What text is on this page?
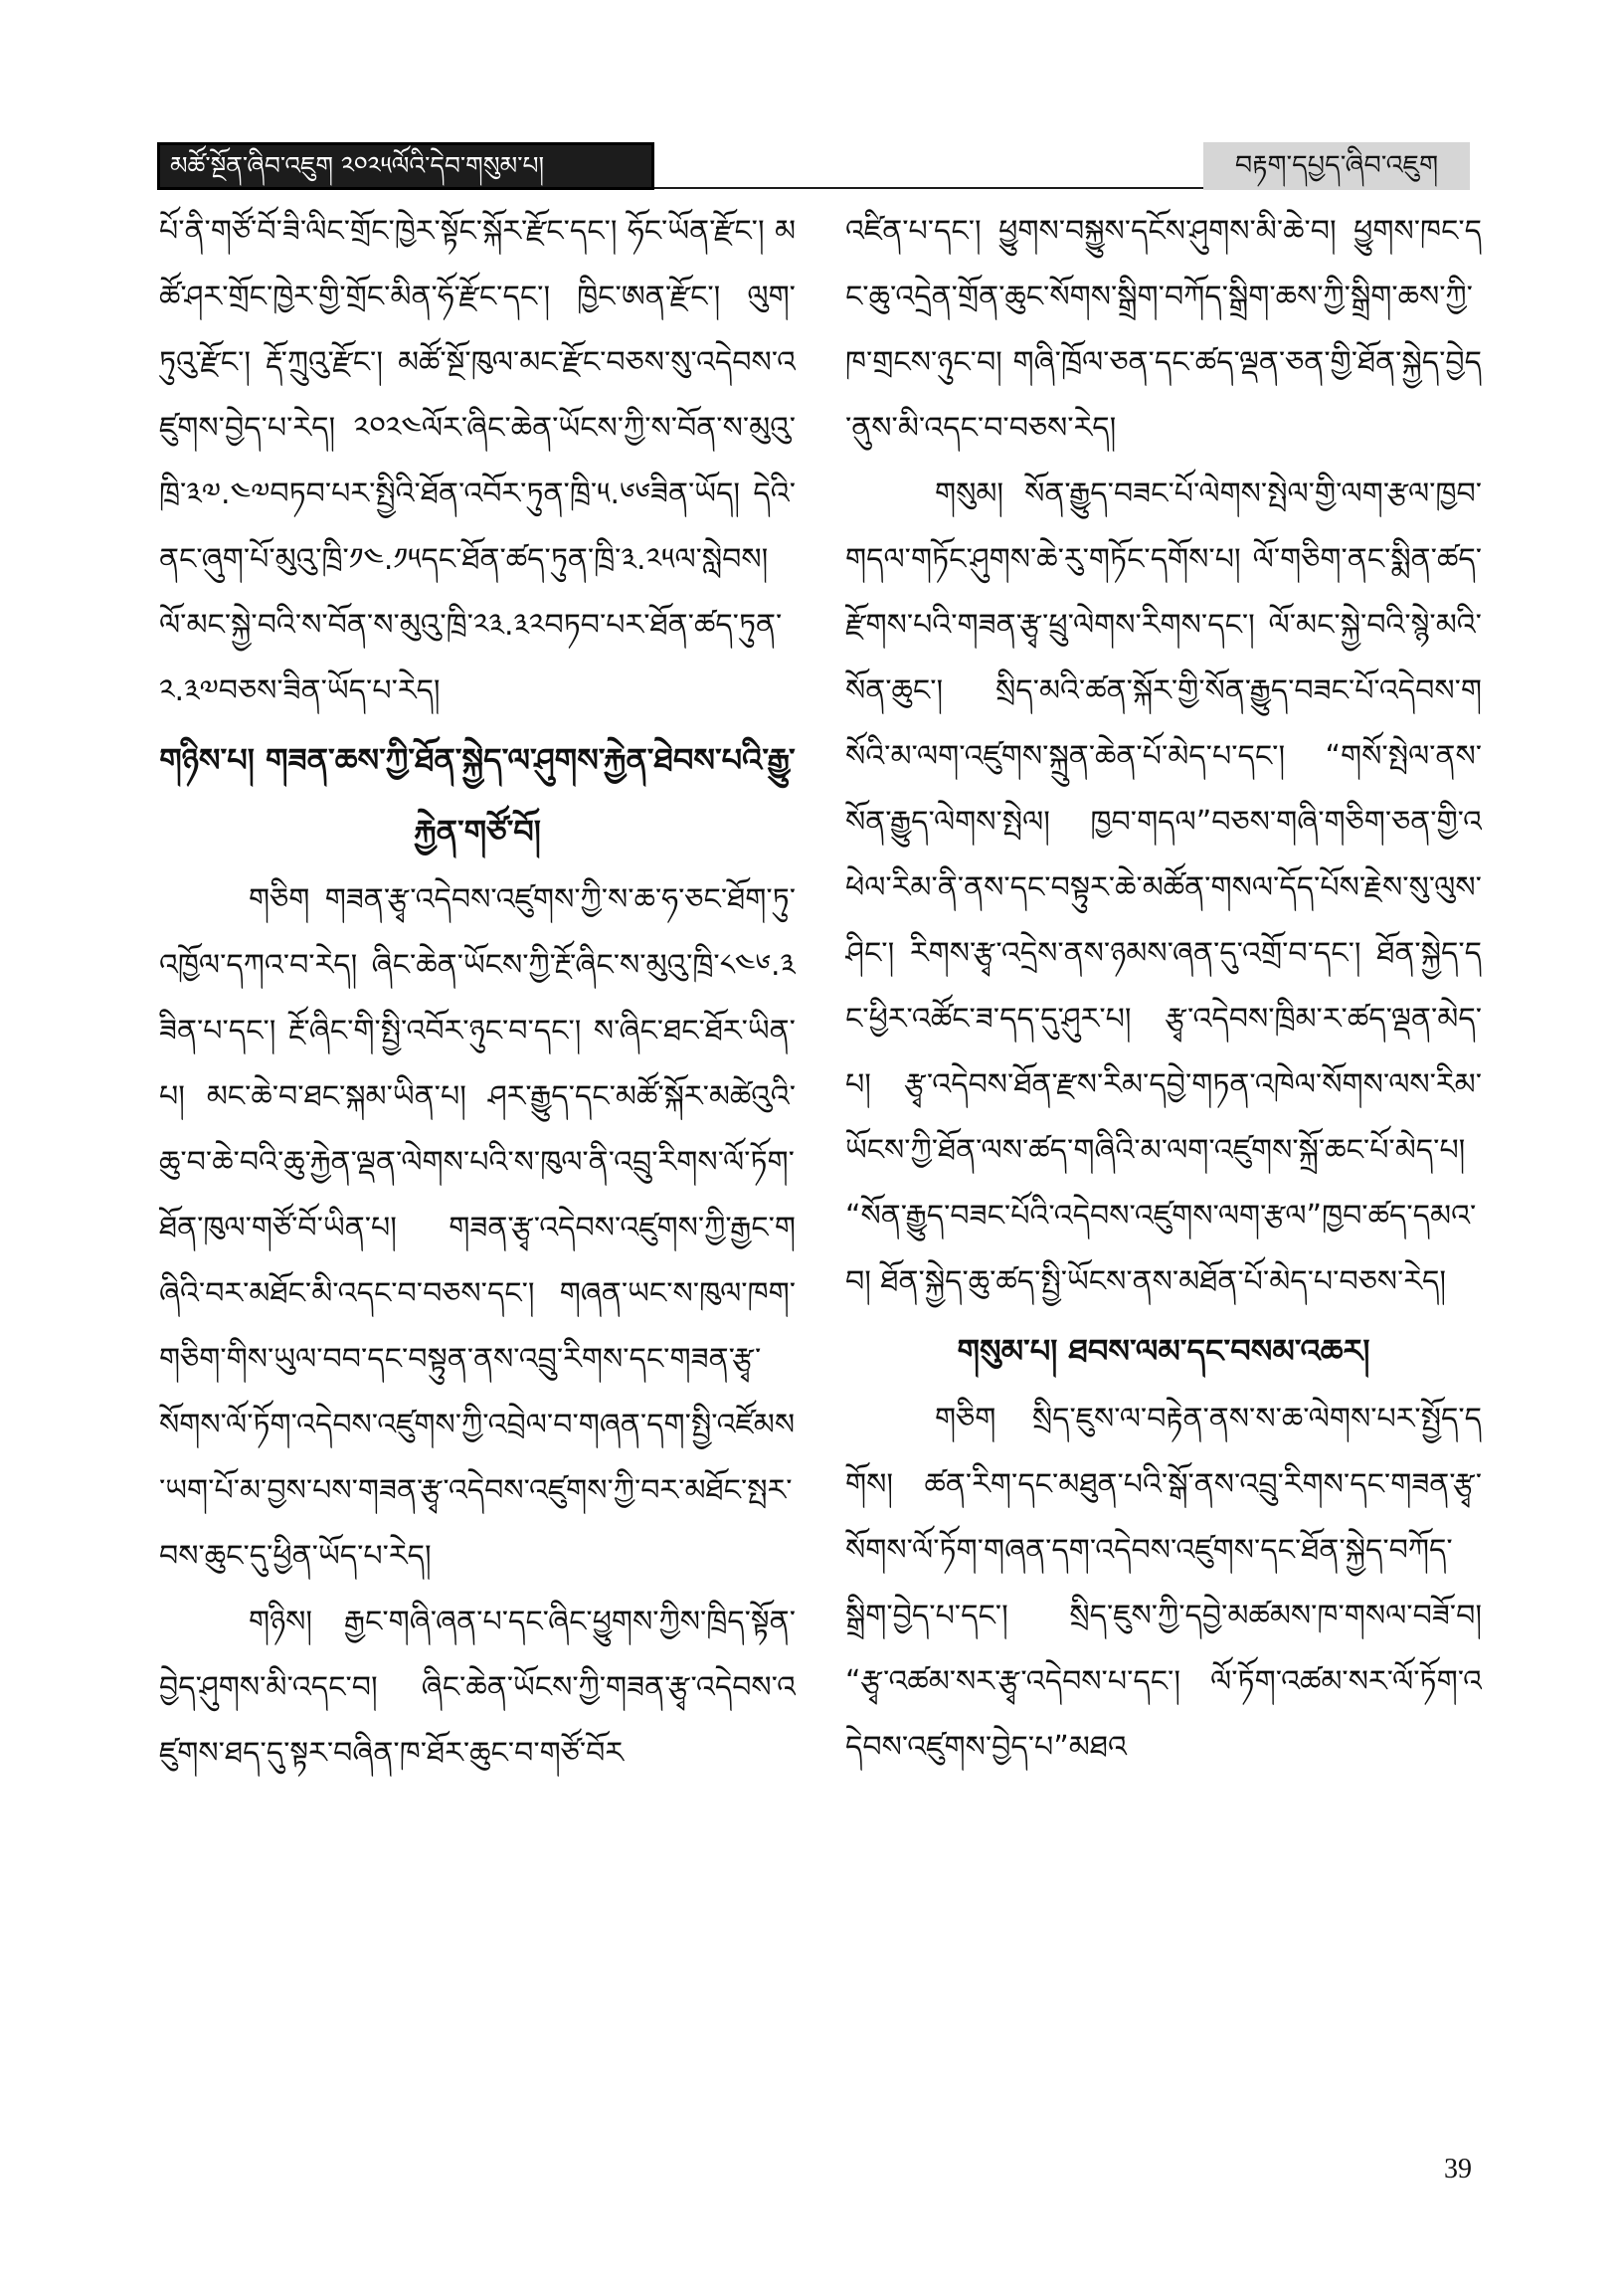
མཚོ་སྔོན་ཞིབ་འཇུག ༢༠༢༥ལོའི་དེབ་གསུམ་པ།	བརྟག་དཔྱད་ཞིབ་འཇུག

པོ་ནི་གཙོ་བོ་ཟི་ལིང་གྲོང་ཁྱེར་སྟོང་སྐོར་རྫོང་དང་། ཧོང་ཡོན་རྫོང་། མཚོ་ཤར་གྲོང་ཁྱེར་གྱི་གྲོང་མིན་ཧོ་རྫོང་དང་། ཁྱིང་ཨན་རྫོང་། ལུག་ཏུའུ་རྫོང་། རྡོ་ཀྲུའུ་རྫོང་། མཚོ་སྔོ་ཁུལ་མང་རྫོང་བཅས་སུ་འདེབས་འཛུགས་བྱེད་པ་རེད། ༢༠༢༤ལོར་ཞིང་ཆེན་ཡོངས་ཀྱི་ས་བོན་ས་མུའུ་ཁྲི་༣༧.༤༧བཏབ་པར་སྤྱིའི་ཐོན་འབོར་ཏུན་ཁྲི་༥.༦༦ཟིན་ཡོད། དེའི་ནང་ཞུག་པོ་མུའུ་ཁྲི་༡༤.༡༥དང་ཐོན་ཚད་ཏུན་ཁྲི་༣.༢༥ལ་སླེབས། ལོ་མང་སྐྱེ་བའི་ས་བོན་ས་མུའུ་ཁྲི་༢༣.༣༢བཏབ་པར་ཐོན་ཚད་ཏུན་༢.༣༧བཅས་ཟིན་ཡོད་པ་རེད།

གཉིས་པ། གཟན་ཆས་ཀྱི་ཐོན་སྐྱེད་ལ་ཤུགས་རྐྱེན་ཐེབས་པའི་རྒྱུ་རྐྱེན་གཙོ་བོ།

གཅིག གཟན་རྩྭ་འདེབས་འཛུགས་ཀྱི་ས་ཆ་ཧ་ཅང་ཐོག་ཏུ་འཁྱོལ་དཀའ་བ་རེད། ཞིང་ཆེན་ཡོངས་ཀྱི་རྔོ་ཞིང་ས་མུའུ་ཁྲི་༨༤༦.༣ཟིན་པ་དང་། རྔོ་ཞིང་གི་སྤྱི་འབོར་ཉུང་བ་དང་། ས་ཞིང་ཐང་ཐོར་ཡིན་པ། མང་ཆེ་བ་ཐང་སྐམ་ཡིན་པ། ཤར་རྒྱུད་དང་མཚོ་སྐོར་མཚེའུའི་ཆུ་བ་ཆེ་བའི་ཆུ་རྐྱེན་ལྡན་ལེགས་པའི་ས་ཁུལ་ནི་འབྲུ་རིགས་ལོ་ཏོག་ཐོན་ཁུལ་གཙོ་བོ་ཡིན་པ། གཟན་རྩྭ་འདེབས་འཛུགས་ཀྱི་རྒྱང་གཞིའི་བར་མཐོང་མི་འདང་བ་བཅས་དང་། གཞན་ཡང་ས་ཁུལ་ཁག་གཅིག་གིས་ཡུལ་བབ་དང་བསྟུན་ནས་འབྲུ་རིགས་དང་གཟན་རྩྭ་སོགས་ལོ་ཏོག་འདེབས་འཛུགས་ཀྱི་འབྲེལ་བ་གཞན་དག་སྤྱི་འཛོམས་ཡག་པོ་མ་བྱས་པས་གཟན་རྩྭ་འདེབས་འཛུགས་ཀྱི་བར་མཐོང་སྤར་བས་ཆུང་དུ་ཕྱིན་ཡོད་པ་རེད།

གཉིས། རྒྱང་གཞི་ཞན་པ་དང་ཞིང་ཕྱུགས་ཀྱིས་ཁྲིད་སྟོན་བྱེད་ཤུགས་མི་འདང་བ། ཞིང་ཆེན་ཡོངས་ཀྱི་གཟན་རྩྭ་འདེབས་འཛུགས་ཐད་དུ་སྟར་བཞིན་ཁ་ཐོར་ཆུང་བ་གཙོ་བོར

འཛིན་པ་དང་། ཕྱུགས་བསྐྱུས་དངོས་ཤུགས་མི་ཆེ་བ། ཕྱུགས་ཁང་དང་ཆུ་འདྲེན་གྲོན་ཆུང་སོགས་སྒྲིག་བཀོད་སྒྲིག་ཆས་ཀྱི་སྒྲིག་ཆས་ཀྱི་ཁ་གྲངས་ཉུང་བ། གཞི་ཁྲོལ་ཅན་དང་ཚད་ལྡན་ཅན་གྱི་ཐོན་སྐྱེད་བྱེད་ནུས་མི་འདང་བ་བཅས་རེད།

གསུམ། སོན་རྒྱུད་བཟང་པོ་ལེགས་སྤེལ་གྱི་ལག་རྩལ་ཁྱབ་གདལ་གཏོང་ཤུགས་ཆེ་རུ་གཏོང་དགོས་པ། ལོ་གཅིག་ནང་སྨིན་ཚད་རྫོགས་པའི་གཟན་རྩྭ་ཕྲུ་ལེགས་རིགས་དང་། ལོ་མང་སྐྱེ་བའི་སྙེ་མའི་སོན་ཆུང་། སྲིད་མའི་ཚན་སྐོར་གྱི་སོན་རྒྱུད་བཟང་པོ་འདེབས་གསོའི་མ་ལག་འཛུགས་སྐྲུན་ཆེན་པོ་མེད་པ་དང་། “གསོ་སྤེལ་ནས་སོན་རྒྱུད་ལེགས་སྤེལ། ཁྱབ་གདལ”བཅས་གཞི་གཅིག་ཅན་གྱི་འཕེལ་རིམ་ནི་ནས་དང་བསྟུར་ཆེ་མཚོན་གསལ་དོད་པོས་རྗེས་སུ་ལུས་ཤིང་། རིགས་རྩྭ་འདྲེས་ནས་ཉམས་ཞན་དུ་འགྲོ་བ་དང་། ཐོན་སྐྱེད་དང་ཕྱིར་འཚོང་ཟ་དད་དུ་ཤུར་པ། རྩྭ་འདེབས་ཁྲིམ་ར་ཚད་ལྡན་མེད་པ། རྩྭ་འདེབས་ཐོན་རྫས་རིམ་དབྱེ་གཏན་འཁེལ་སོགས་ལས་རིམ་ཡོངས་ཀྱི་ཐོན་ལས་ཚད་གཞིའི་མ་ལག་འཛུགས་སྐྲོ་ཆང་པོ་མེད་པ། “སོན་རྒྱུད་བཟང་པོའི་འདེབས་འཛུགས་ལག་རྩལ”ཁྱབ་ཚད་དམའ་བ། ཐོན་སྐྱེད་ཆུ་ཚད་སྤྱི་ཡོངས་ནས་མཐོན་པོ་མེད་པ་བཅས་རེད།

གསུམ་པ། ཐབས་ལམ་དང་བསམ་འཆར།

གཅིག སྲིད་ཇུས་ལ་བརྟེན་ནས་ས་ཆ་ལེགས་པར་སྤྱོད་དགོས། ཚན་རིག་དང་མཐུན་པའི་སྒོ་ནས་འབྲུ་རིགས་དང་གཟན་རྩྭ་སོགས་ལོ་ཏོག་གཞན་དག་འདེབས་འཛུགས་དང་ཐོན་སྐྱེད་བཀོད་སྒྲིག་བྱེད་པ་དང་། སྲིད་ཇུས་ཀྱི་དབྱེ་མཚམས་ཁ་གསལ་བཟོ་བ། “རྩྭ་འཚམ་སར་རྩྭ་འདེབས་པ་དང་། ལོ་ཏོག་འཚམ་སར་ལོ་ཏོག་འདེབས་འཛུགས་བྱེད་པ”མཐའ

39
